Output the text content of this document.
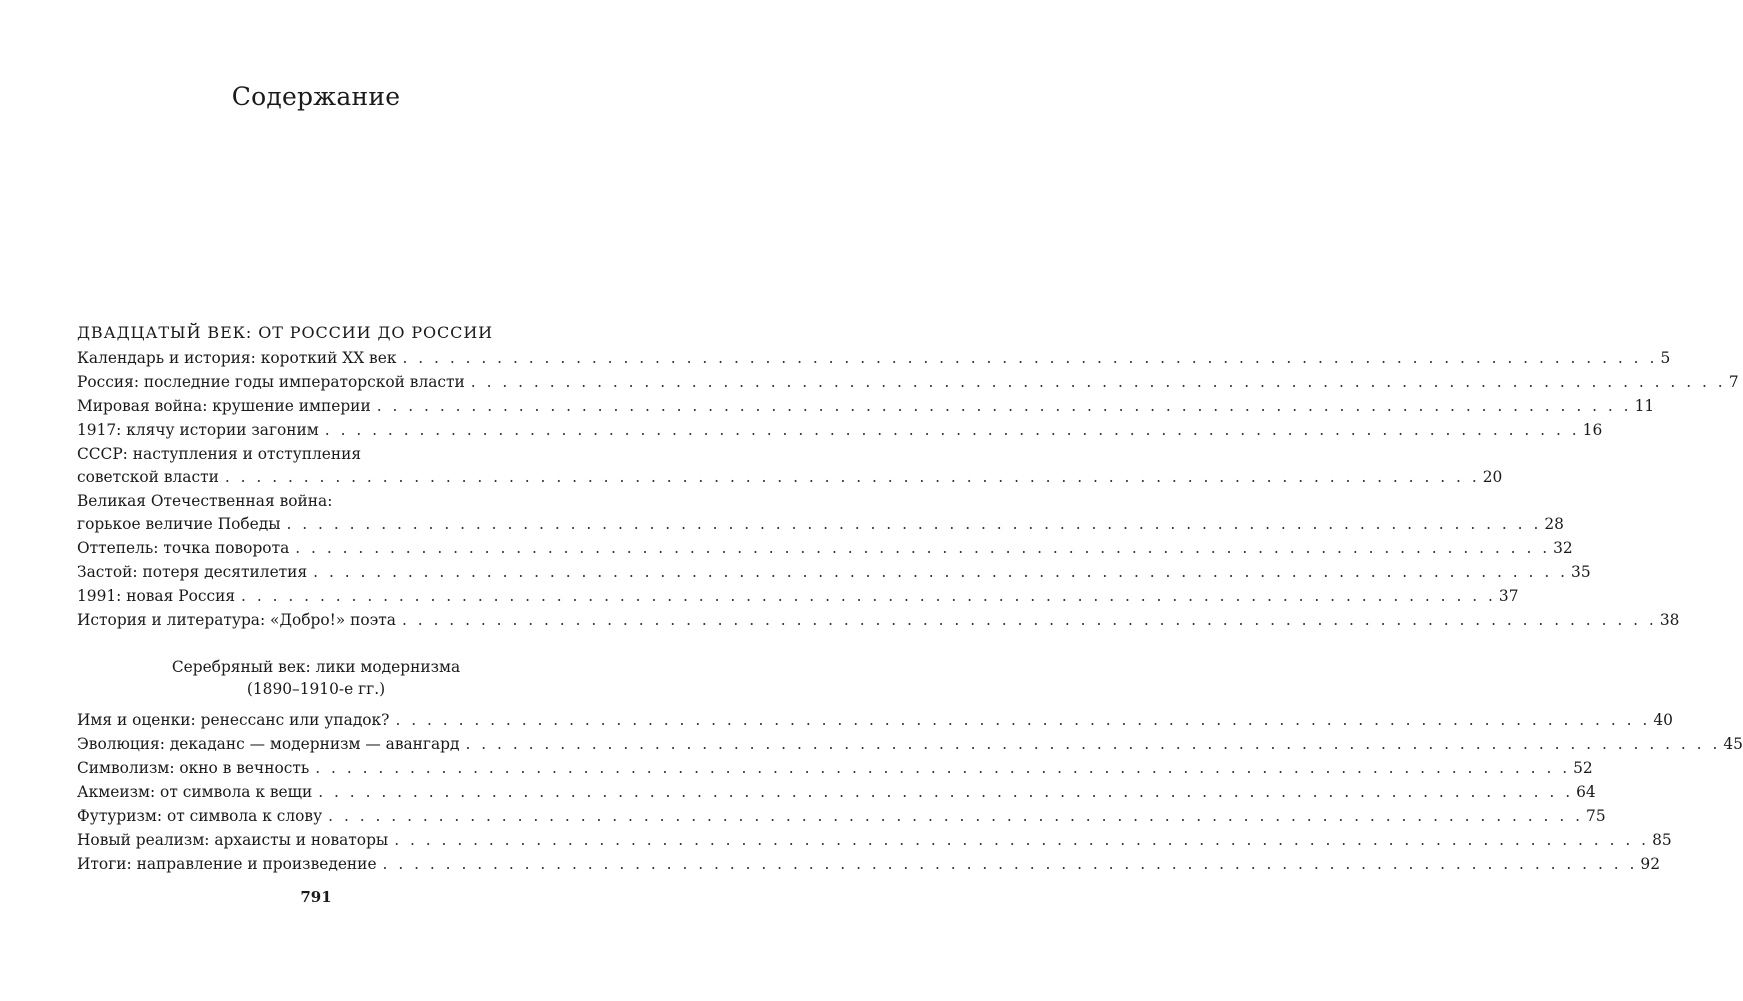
Содержание
ДВАДЦАТЫЙ ВЕК: ОТ РОССИИ ДО РОССИИ
Календарь и история: короткий XX век . . . . . . . . . . . . . . . . . . . . . . . . . . . . . . . . . . . . . . . . . . . . . . . . . . . . . . . . . . . . . . . . . . . . . . . . . . . . . . . . 5
Россия: последние годы императорской власти . . . . . . . . . . . . . . . . . . . . . . . . . . . . . . . . . . . . . . . . . . . . . . . . . . . . . . . . . . . . . . . . . . . . . . . . . . . . . . . . 7
Мировая война: крушение империи . . . . . . . . . . . . . . . . . . . . . . . . . . . . . . . . . . . . . . . . . . . . . . . . . . . . . . . . . . . . . . . . . . . . . . . . . . . . . . . . 11
1917: клячу истории загоним . . . . . . . . . . . . . . . . . . . . . . . . . . . . . . . . . . . . . . . . . . . . . . . . . . . . . . . . . . . . . . . . . . . . . . . . . . . . . . . . 16
СССР: наступления и отступления
советской власти . . . . . . . . . . . . . . . . . . . . . . . . . . . . . . . . . . . . . . . . . . . . . . . . . . . . . . . . . . . . . . . . . . . . . . . . . . . . . . . . 20
Великая Отечественная война:
горькое величие Победы . . . . . . . . . . . . . . . . . . . . . . . . . . . . . . . . . . . . . . . . . . . . . . . . . . . . . . . . . . . . . . . . . . . . . . . . . . . . . . . . 28
Оттепель: точка поворота . . . . . . . . . . . . . . . . . . . . . . . . . . . . . . . . . . . . . . . . . . . . . . . . . . . . . . . . . . . . . . . . . . . . . . . . . . . . . . . . 32
Застой: потеря десятилетия . . . . . . . . . . . . . . . . . . . . . . . . . . . . . . . . . . . . . . . . . . . . . . . . . . . . . . . . . . . . . . . . . . . . . . . . . . . . . . . . 35
1991: новая Россия . . . . . . . . . . . . . . . . . . . . . . . . . . . . . . . . . . . . . . . . . . . . . . . . . . . . . . . . . . . . . . . . . . . . . . . . . . . . . . . . 37
История и литература: «Добро!» поэта . . . . . . . . . . . . . . . . . . . . . . . . . . . . . . . . . . . . . . . . . . . . . . . . . . . . . . . . . . . . . . . . . . . . . . . . . . . . . . . . 38
Серебряный век: лики модернизма
(1890–1910-е гг.)
Имя и оценки: ренессанс или упадок? . . . . . . . . . . . . . . . . . . . . . . . . . . . . . . . . . . . . . . . . . . . . . . . . . . . . . . . . . . . . . . . . . . . . . . . . . . . . . . . . 40
Эволюция: декаданс — модернизм — авангард . . . . . . . . . . . . . . . . . . . . . . . . . . . . . . . . . . . . . . . . . . . . . . . . . . . . . . . . . . . . . . . . . . . . . . . . . . . . . . . . 45
Символизм: окно в вечность . . . . . . . . . . . . . . . . . . . . . . . . . . . . . . . . . . . . . . . . . . . . . . . . . . . . . . . . . . . . . . . . . . . . . . . . . . . . . . . . 52
Акмеизм: от символа к вещи . . . . . . . . . . . . . . . . . . . . . . . . . . . . . . . . . . . . . . . . . . . . . . . . . . . . . . . . . . . . . . . . . . . . . . . . . . . . . . . . 64
Футуризм: от символа к слову . . . . . . . . . . . . . . . . . . . . . . . . . . . . . . . . . . . . . . . . . . . . . . . . . . . . . . . . . . . . . . . . . . . . . . . . . . . . . . . . 75
Новый реализм: архаисты и новаторы . . . . . . . . . . . . . . . . . . . . . . . . . . . . . . . . . . . . . . . . . . . . . . . . . . . . . . . . . . . . . . . . . . . . . . . . . . . . . . . . 85
Итоги: направление и произведение . . . . . . . . . . . . . . . . . . . . . . . . . . . . . . . . . . . . . . . . . . . . . . . . . . . . . . . . . . . . . . . . . . . . . . . . . . . . . . . . 92
791
